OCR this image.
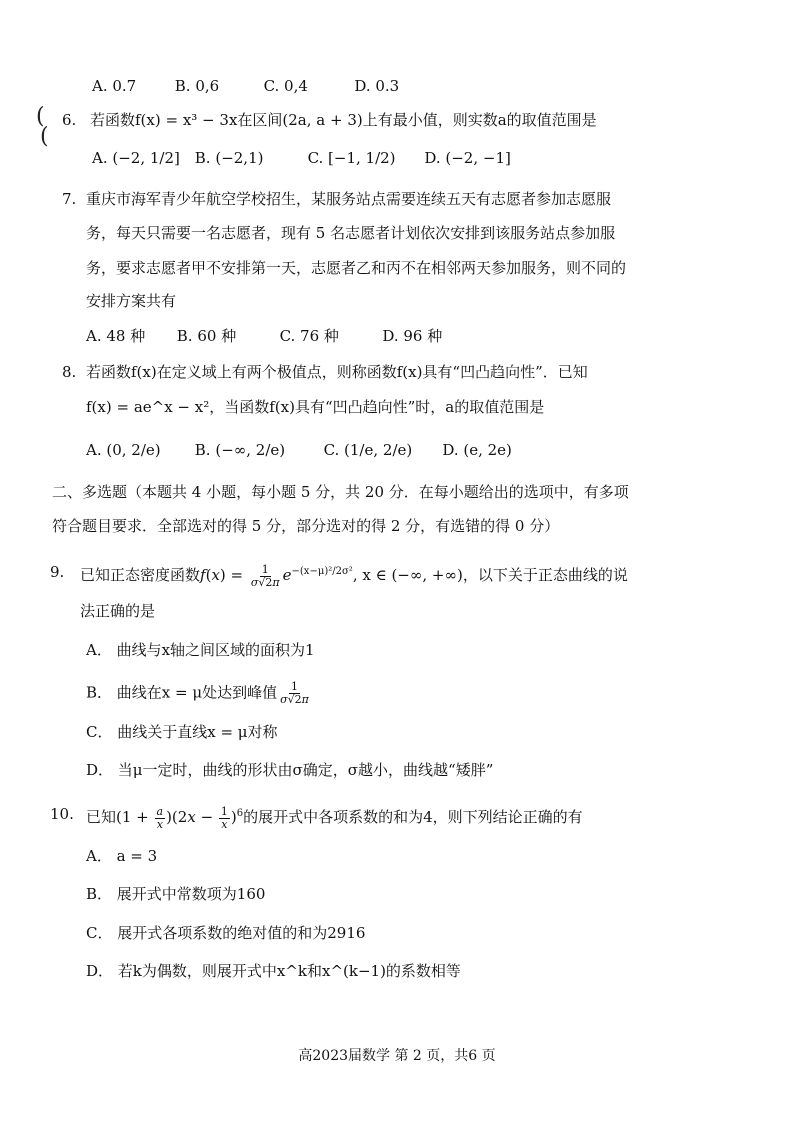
(
(
A. 0.7	B. 0,6	C. 0,4	D. 0.3
6. 若函数f(x) = x³ − 3x在区间(2a, a + 3)上有最小值，则实数a的取值范围是
A. (−2, 1/2] B. (−2,1)	C. [−1, 1/2) D. (−2, −1]
7. 重庆市海军青少年航空学校招生，某服务站点需要连续五天有志愿者参加志愿服
务，每天只需要一名志愿者，现有 5 名志愿者计划依次安排到该服务站点参加服
务，要求志愿者甲不安排第一天，志愿者乙和丙不在相邻两天参加服务，则不同的
安排方案共有
A. 48 种 B. 60 种	C. 76 种	D. 96 种
8. 若函数f(x)在定义域上有两个极值点，则称函数f(x)具有“凹凸趋向性”．已知
f(x) = ae^x − x²，当函数f(x)具有“凹凸趋向性”时，a的取值范围是
A. (0, 2/e) B. (−∞, 2/e)	C. (1/e, 2/e) D. (e, 2e)
二、多选题（本题共 4 小题，每小题 5 分，共 20 分．在每小题给出的选项中，有多项
符合题目要求．全部选对的得 5 分，部分选对的得 2 分，有选错的得 0 分）
9. 已知正态密度函数$f(x) = \frac{1}{\sigma√2\pi} e^{-(x-\mu)^2/2\sigma^2}$, x ∈ (−∞, +∞)，以下关于正态曲线的说
法正确的是
A． 曲线与x轴之间区域的面积为1
B． 曲线在x = μ处达到峰值 $\frac{1}{\sigma√2\pi}$
C． 曲线关于直线x = μ对称
D． 当μ一定时，曲线的形状由σ确定，σ越小，曲线越“矮胖”
10. 已知$(1 + \frac{a}{x} )(2x - \frac{1}{x} )^6$的展开式中各项系数的和为4，则下列结论正确的有
A． a = 3
B． 展开式中常数项为160
C． 展开式各项系数的绝对值的和为2916
D． 若k为偶数，则展开式中x^k和x^(k−1)的系数相等
高2023届数学 第 2 页，共6 页
